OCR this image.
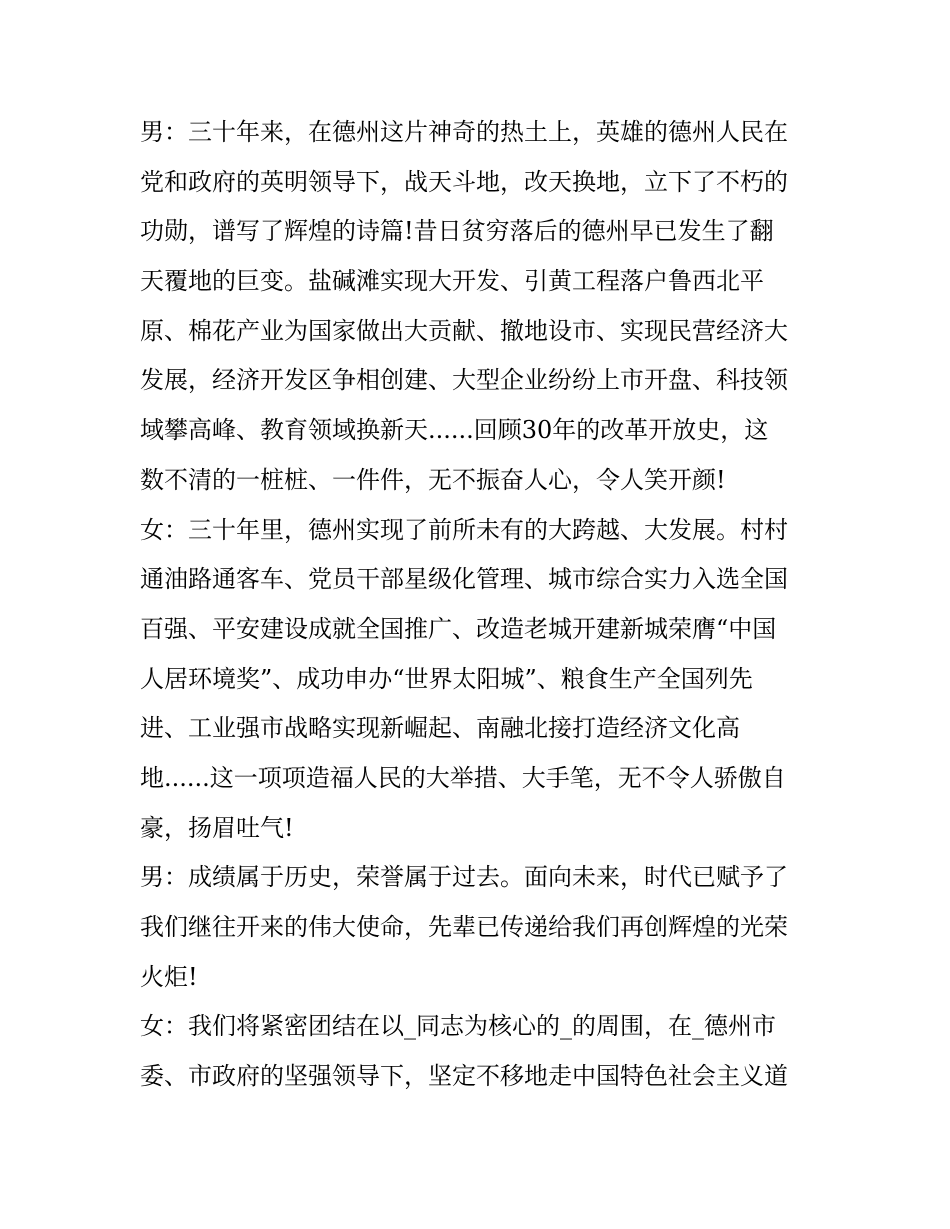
男：三十年来，在德州这片神奇的热土上，英雄的德州人民在
党和政府的英明领导下，战天斗地，改天换地，立下了不朽的
功勋，谱写了辉煌的诗篇!昔日贫穷落后的德州早已发生了翻
天覆地的巨变。盐碱滩实现大开发、引黄工程落户鲁西北平
原、棉花产业为国家做出大贡献、撤地设市、实现民营经济大
发展，经济开发区争相创建、大型企业纷纷上市开盘、科技领
域攀高峰、教育领域换新天......回顾30年的改革开放史，这
数不清的一桩桩、一件件，无不振奋人心，令人笑开颜!
女：三十年里，德州实现了前所未有的大跨越、大发展。村村
通油路通客车、党员干部星级化管理、城市综合实力入选全国
百强、平安建设成就全国推广、改造老城开建新城荣膺“中国
人居环境奖”、成功申办“世界太阳城”、粮食生产全国列先
进、工业强市战略实现新崛起、南融北接打造经济文化高
地......这一项项造福人民的大举措、大手笔，无不令人骄傲自
豪，扬眉吐气!
男：成绩属于历史，荣誉属于过去。面向未来，时代已赋予了
我们继往开来的伟大使命，先辈已传递给我们再创辉煌的光荣
火炬!
女：我们将紧密团结在以_同志为核心的_的周围，在_德州市
委、市政府的坚强领导下，坚定不移地走中国特色社会主义道
